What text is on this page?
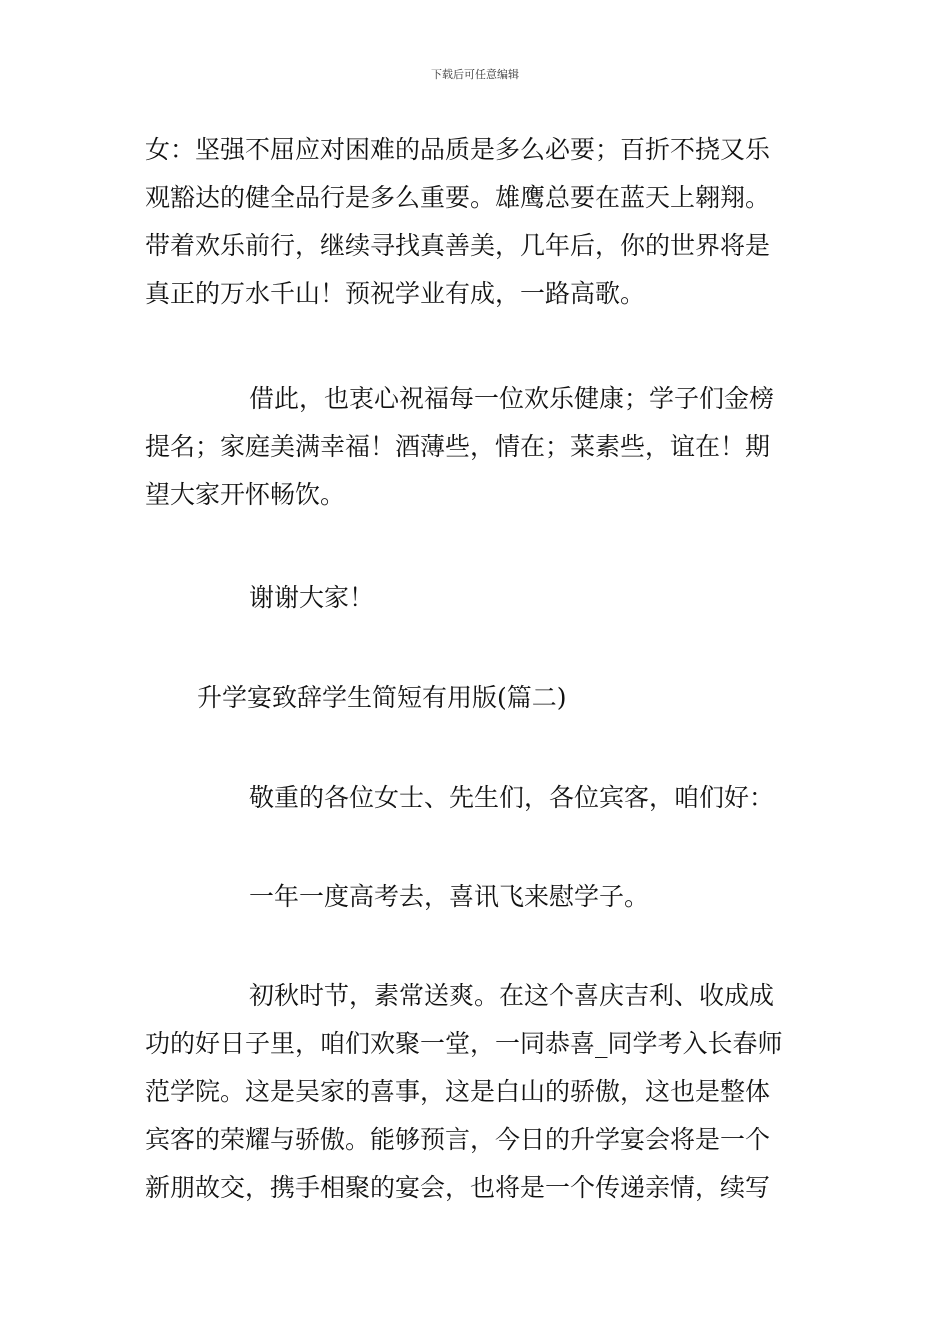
下载后可任意编辑
女：坚强不屈应对困难的品质是多么必要；百折不挠又乐
观豁达的健全品行是多么重要。雄鹰总要在蓝天上翱翔。
带着欢乐前行，继续寻找真善美，几年后，你的世界将是
真正的万水千山！预祝学业有成，一路高歌。
借此，也衷心祝福每一位欢乐健康；学子们金榜
提名；家庭美满幸福！酒薄些，情在；菜素些，谊在！期
望大家开怀畅饮。
谢谢大家！
升学宴致辞学生简短有用版(篇二)
敬重的各位女士、先生们，各位宾客，咱们好：
一年一度高考去，喜讯飞来慰学子。
初秋时节，素常送爽。在这个喜庆吉利、收成成
功的好日子里，咱们欢聚一堂，一同恭喜_同学考入长春师
范学院。这是吴家的喜事，这是白山的骄傲，这也是整体
宾客的荣耀与骄傲。能够预言，今日的升学宴会将是一个
新朋故交，携手相聚的宴会，也将是一个传递亲情，续写
